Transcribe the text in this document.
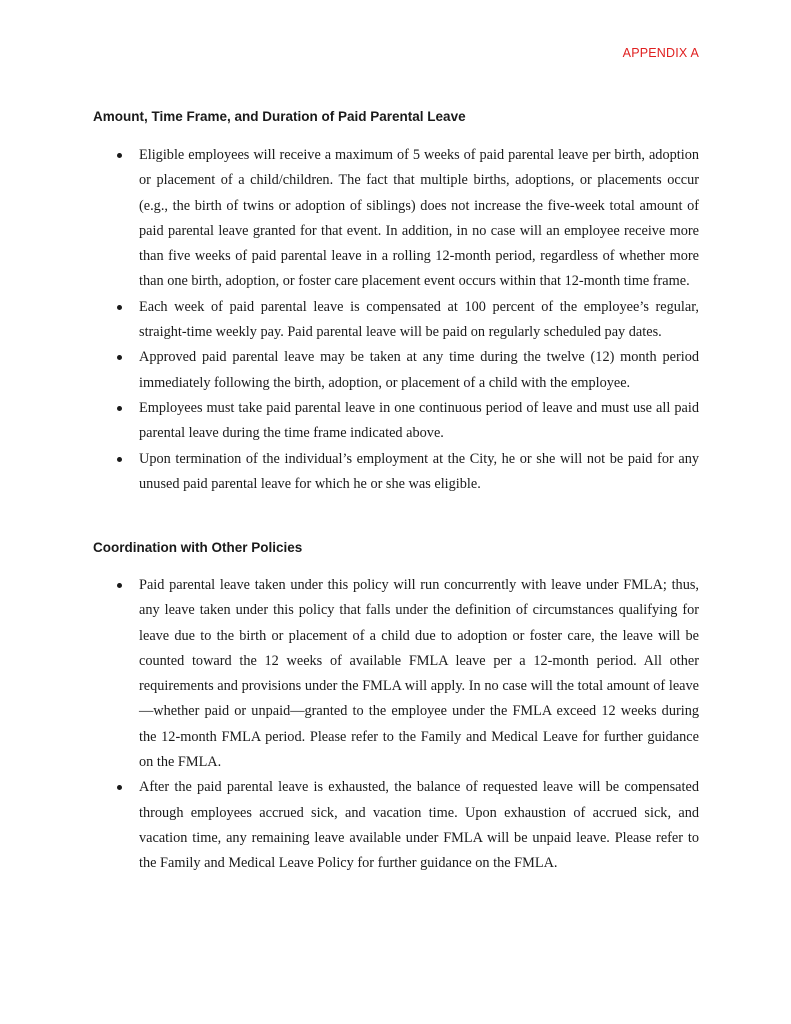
APPENDIX A
Amount, Time Frame, and Duration of Paid Parental Leave
Eligible employees will receive a maximum of 5 weeks of paid parental leave per birth, adoption or placement of a child/children. The fact that multiple births, adoptions, or placements occur (e.g., the birth of twins or adoption of siblings) does not increase the five-week total amount of paid parental leave granted for that event. In addition, in no case will an employee receive more than five weeks of paid parental leave in a rolling 12-month period, regardless of whether more than one birth, adoption, or foster care placement event occurs within that 12-month time frame.
Each week of paid parental leave is compensated at 100 percent of the employee’s regular, straight-time weekly pay. Paid parental leave will be paid on regularly scheduled pay dates.
Approved paid parental leave may be taken at any time during the twelve (12) month period immediately following the birth, adoption, or placement of a child with the employee.
Employees must take paid parental leave in one continuous period of leave and must use all paid parental leave during the time frame indicated above.
Upon termination of the individual’s employment at the City, he or she will not be paid for any unused paid parental leave for which he or she was eligible.
Coordination with Other Policies
Paid parental leave taken under this policy will run concurrently with leave under FMLA; thus, any leave taken under this policy that falls under the definition of circumstances qualifying for leave due to the birth or placement of a child due to adoption or foster care, the leave will be counted toward the 12 weeks of available FMLA leave per a 12-month period. All other requirements and provisions under the FMLA will apply. In no case will the total amount of leave—whether paid or unpaid—granted to the employee under the FMLA exceed 12 weeks during the 12-month FMLA period. Please refer to the Family and Medical Leave for further guidance on the FMLA.
After the paid parental leave is exhausted, the balance of requested leave will be compensated through employees accrued sick, and vacation time. Upon exhaustion of accrued sick, and vacation time, any remaining leave available under FMLA will be unpaid leave. Please refer to the Family and Medical Leave Policy for further guidance on the FMLA.
